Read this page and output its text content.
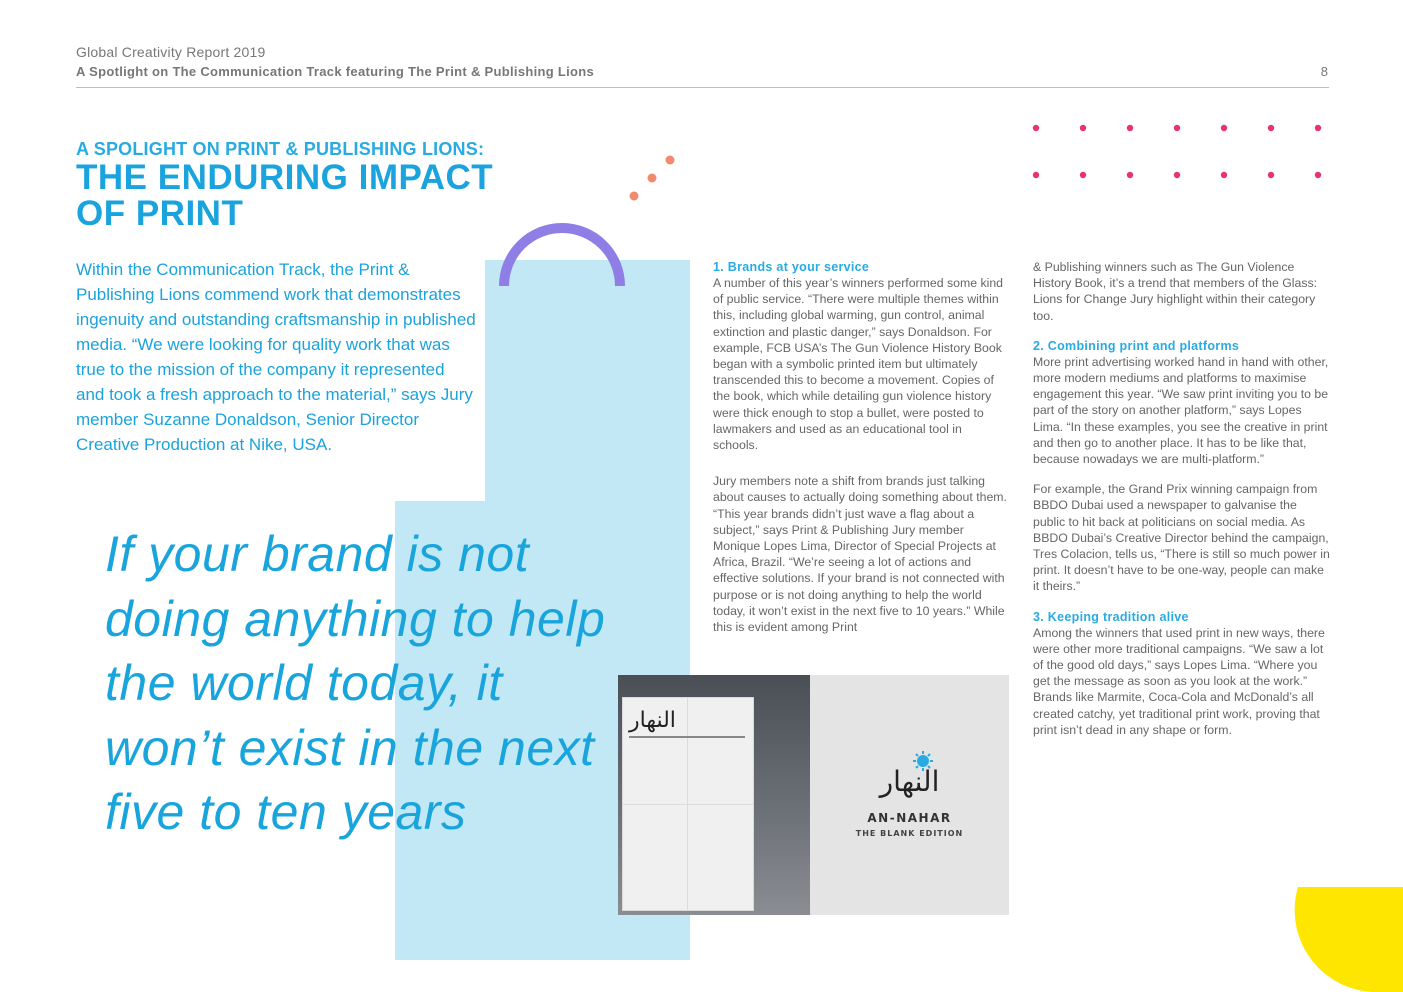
Global Creativity Report 2019
A Spotlight on The Communication Track featuring The Print & Publishing Lions	8
A SPOLIGHT ON PRINT & PUBLISHING LIONS:
THE ENDURING IMPACT OF PRINT
Within the Communication Track, the Print & Publishing Lions commend work that demonstrates ingenuity and outstanding craftsmanship in published media. “We were looking for quality work that was true to the mission of the company it represented and took a fresh approach to the material,” says Jury member Suzanne Donaldson, Senior Director Creative Production at Nike, USA.
If your brand is not doing anything to help the world today, it won’t exist in the next five to ten years
1. Brands at your service

A number of this year’s winners performed some kind of public service. “There were multiple themes within this, including global warming, gun control, animal extinction and plastic danger,” says Donaldson. For example, FCB USA’s The Gun Violence History Book began with a symbolic printed item but ultimately transcended this to become a movement. Copies of the book, which while detailing gun violence history were thick enough to stop a bullet, were posted to lawmakers and used as an educational tool in schools.

Jury members note a shift from brands just talking about causes to actually doing something about them. “This year brands didn’t just wave a flag about a subject,” says Print & Publishing Jury member Monique Lopes Lima, Director of Special Projects at Africa, Brazil. “We’re seeing a lot of actions and effective solutions. If your brand is not connected with purpose or is not doing anything to help the world today, it won’t exist in the next five to 10 years.” While this is evident among Print

& Publishing winners such as The Gun Violence History Book, it’s a trend that members of the Glass: Lions for Change Jury highlight within their category too.

2. Combining print and platforms

More print advertising worked hand in hand with other, more modern mediums and platforms to maximise engagement this year. “We saw print inviting you to be part of the story on another platform,” says Lopes Lima. “In these examples, you see the creative in print and then go to another place. It has to be like that, because nowadays we are multi-platform.”

For example, the Grand Prix winning campaign from BBDO Dubai used a newspaper to galvanise the public to hit back at politicians on social media. As BBDO Dubai’s Creative Director behind the campaign, Tres Colacion, tells us, “There is still so much power in print. It doesn’t have to be one-way, people can make it theirs.”

3. Keeping tradition alive

Among the winners that used print in new ways, there were other more traditional campaigns. “We saw a lot of the good old days,” says Lopes Lima. “Where you get the message as soon as you look at the work.” Brands like Marmite, Coca-Cola and McDonald’s all created catchy, yet traditional print work, proving that print isn’t dead in any shape or form.

النهار
النهار
AN-NAHAR
THE BLANK EDITION
